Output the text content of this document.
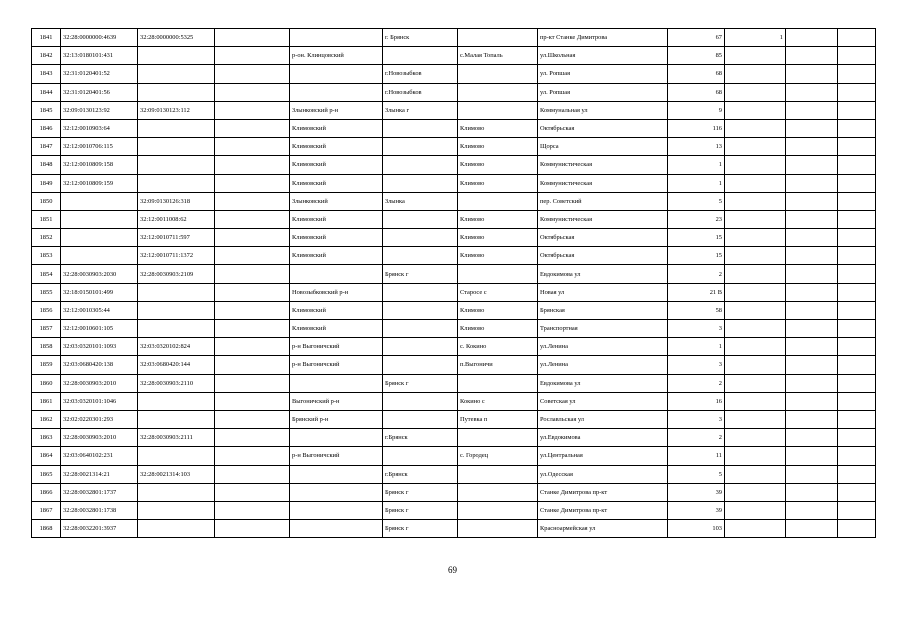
1841	32:28:0000000:4639	32:28:0000000:5325			г. Брянск		пр-кт Станке Димитрова	67	1		
1842	32:13:0180101:431			р-он. Клинцовский		с.Малая Топаль	ул.Школьная	85			
1843	32:31:0120401:52				г.Новозыбков		ул. Ропшая	68			
1844	32:31:0120401:56				г.Новозыбков		ул. Ропшая	68			
1845	32:09:0130123:92	32:09:0130123:112		Злынковский р-н	Злынка г		Коммунальная ул	9			
1846	32:12:0010903:64			Климовский		Климово	Октябрьская	116			
1847	32:12:0010706:115			Климовский		Климово	Щорса	13			
1848	32:12:0010809:158			Климовский		Климово	Коммунистическая	1			
1849	32:12:0010809:159			Климовский		Климово	Коммунистическая	1			
1850		32:09:0130126:318		Злынковский	Злынка		пер. Советский	5			
1851		32:12:0011008:62		Климовский		Климово	Коммунистическая	23			
1852		32:12:0010711:597		Климовский		Климово	Октябрьская	15			
1853		32:12:0010711:1372		Климовский		Климово	Октябрьская	15			
1854	32:28:0030903:2030	32:28:0030903:2109			Брянск г		Евдокимова ул	2			
1855	32:18:0150101:499			Новозыбковский р-н		Старосе с	Новая ул	21 В			
1856	32:12:0010305:44			Климовский		Климово	Брянская	58			
1857	32:12:0010601:105			Климовский		Климово	Транспортная	3			
1858	32:03:0320101:1093	32:03:0320102:824		р-н Выгоничский		с. Кокино	ул.Ленина	1			
1859	32:03:0680420:138	32:03:0680420:144		р-н Выгоничский		п.Выгоничи	ул.Ленина	3			
1860	32:28:0030903:2010	32:28:0030903:2110			Брянск г		Евдокимова ул	2			
1861	32:03:0320101:1046			Выгоничский р-н		Кокино с	Советская ул	16			
1862	32:02:0220301:293			Брянский р-н		Путевка п	Рославльская ул	3			
1863	32:28:0030903:2010	32:28:0030903:2111			г.Брянск		ул.Евдокимова	2			
1864	32:03:0640102:231			р-н Выгоничский		с. Городец	ул.Центральная	11			
1865	32:28:0021314:21	32:28:0021314:103			г.Брянск		ул.Одесская	5			
1866	32:28:0032801:1737				Брянск г		Станке Димитрова пр-кт	39			
1867	32:28:0032801:1738				Брянск г		Станке Димитрова пр-кт	39			
1868	32:28:0032201:3937				Брянск г		Красноармейская ул	103			
69
